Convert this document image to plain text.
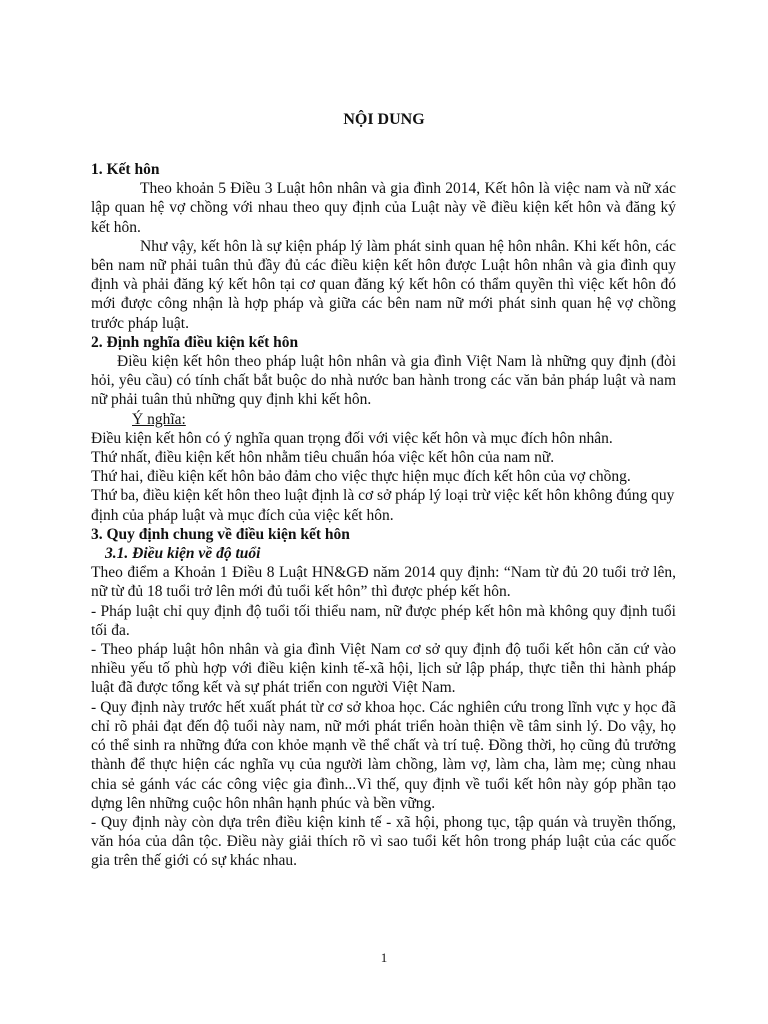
NỘI DUNG

1. Kết hôn

Theo khoản 5 Điều 3 Luật hôn nhân và gia đình 2014, Kết hôn là việc nam và nữ xác lập quan hệ vợ chồng với nhau theo quy định của Luật này về điều kiện kết hôn và đăng ký kết hôn.

Như vậy, kết hôn là sự kiện pháp lý làm phát sinh quan hệ hôn nhân. Khi kết hôn, các bên nam nữ phải tuân thủ đầy đủ các điều kiện kết hôn được Luật hôn nhân và gia đình quy định và phải đăng ký kết hôn tại cơ quan đăng ký kết hôn có thẩm quyền thì việc kết hôn đó mới được công nhận là hợp pháp và giữa các bên nam nữ mới phát sinh quan hệ vợ chồng trước pháp luật.

2. Định nghĩa điều kiện kết hôn

Điều kiện kết hôn theo pháp luật hôn nhân và gia đình Việt Nam là những quy định (đòi hỏi, yêu cầu) có tính chất bắt buộc do nhà nước ban hành trong các văn bản pháp luật và nam nữ phải tuân thủ những quy định khi kết hôn.

Ý nghĩa:

Điều kiện kết hôn có ý nghĩa quan trọng đối với việc kết hôn và mục đích hôn nhân.

Thứ nhất, điều kiện kết hôn nhằm tiêu chuẩn hóa việc kết hôn của nam nữ.

Thứ hai, điều kiện kết hôn bảo đảm cho việc thực hiện mục đích kết hôn của vợ chồng.

Thứ ba, điều kiện kết hôn theo luật định là cơ sở pháp lý loại trừ việc kết hôn không đúng quy định của pháp luật và mục đích của việc kết hôn.

3. Quy định chung về điều kiện kết hôn

3.1. Điều kiện về độ tuổi

Theo điểm a Khoản 1 Điều 8 Luật HN&GĐ năm 2014 quy định: “Nam từ đủ 20 tuổi trở lên, nữ từ đủ 18 tuổi trở lên mới đủ tuổi kết hôn” thì được phép kết hôn.

- Pháp luật chỉ quy định độ tuổi tối thiểu nam, nữ được phép kết hôn mà không quy định tuổi tối đa.

- Theo pháp luật hôn nhân và gia đình Việt Nam cơ sở quy định độ tuổi kết hôn căn cứ vào nhiều yếu tố phù hợp với điều kiện kinh tế-xã hội, lịch sử lập pháp, thực tiễn thi hành pháp luật đã được tổng kết và sự phát triển con người Việt Nam.

- Quy định này trước hết xuất phát từ cơ sở khoa học. Các nghiên cứu trong lĩnh vực y học đã chỉ rõ phải đạt đến độ tuổi này nam, nữ mới phát triển hoàn thiện về tâm sinh lý. Do vậy, họ có thể sinh ra những đứa con khỏe mạnh về thể chất và trí tuệ. Đồng thời, họ cũng đủ trưởng thành để thực hiện các nghĩa vụ của người làm chồng, làm vợ, làm cha, làm mẹ; cùng nhau chia sẻ gánh vác các công việc gia đình...Vì thế, quy định về tuổi kết hôn này góp phần tạo dựng lên những cuộc hôn nhân hạnh phúc và bền vững.

- Quy định này còn dựa trên điều kiện kinh tế - xã hội, phong tục, tập quán và truyền thống, văn hóa của dân tộc. Điều này giải thích rõ vì sao tuổi kết hôn trong pháp luật của các quốc gia trên thế giới có sự khác nhau.

1
